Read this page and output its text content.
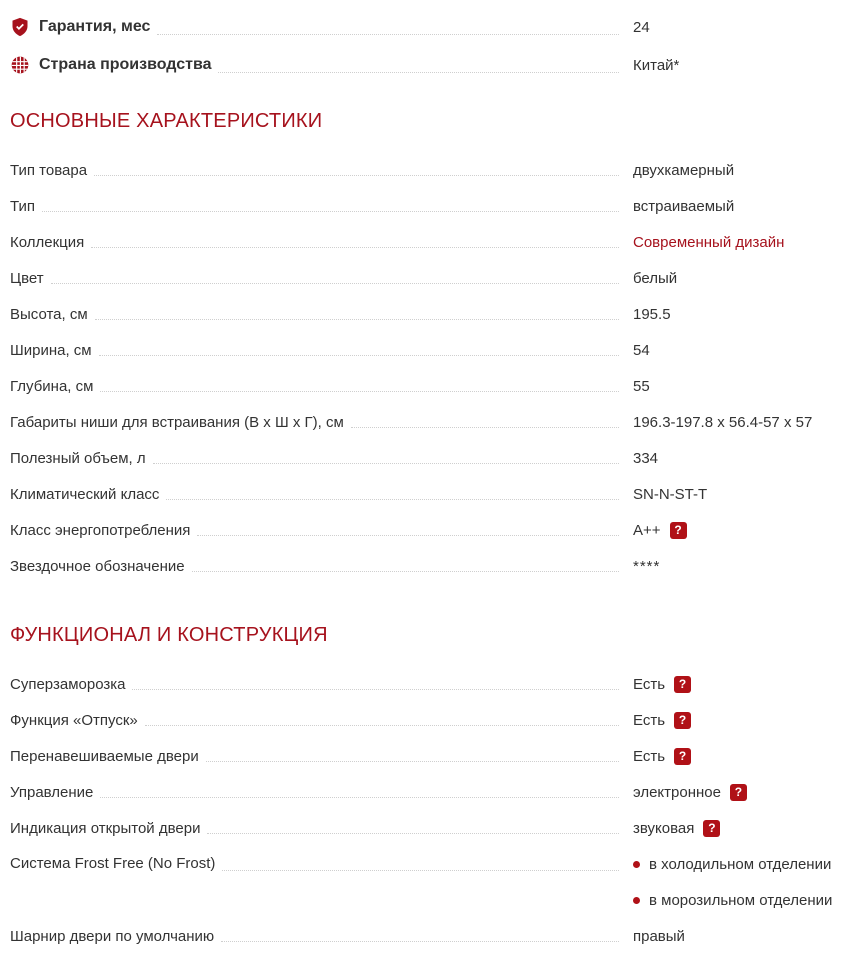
Гарантия, мес	24
Страна производства	Китай*
ОСНОВНЫЕ ХАРАКТЕРИСТИКИ
Тип товара	двухкамерный
Тип	встраиваемый
Коллекция	Современный дизайн
Цвет	белый
Высота, см	195.5
Ширина, см	54
Глубина, см	55
Габариты ниши для встраивания (В х Ш х Г), см	196.3-197.8 x 56.4-57 x 57
Полезный объем, л	334
Климатический класс	SN-N-ST-T
Класс энергопотребления	A++	?
Звездочное обозначение	****
ФУНКЦИОНАЛ И КОНСТРУКЦИЯ
Суперзаморозка	Есть	?
Функция «Отпуск»	Есть	?
Перенавешиваемые двери	Есть	?
Управление	электронное	?
Индикация открытой двери	звуковая	?
Система Frost Free (No Frost)	в холодильном отделении
в морозильном отделении
Шарнир двери по умолчанию	правый
